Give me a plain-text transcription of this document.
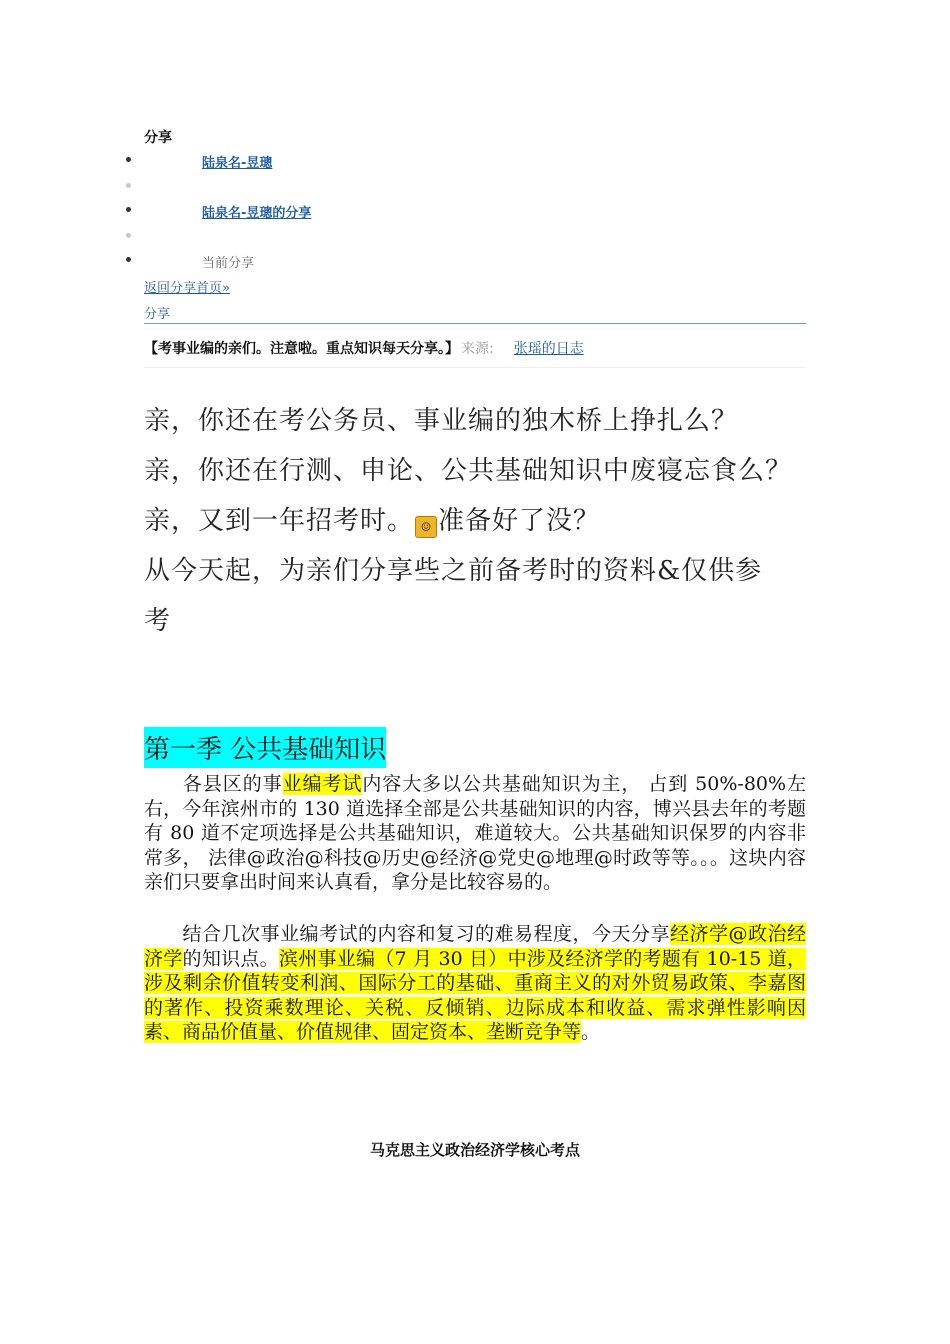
分享
陆泉名-昱璁
陆泉名-昱璁的分享
当前分享
返回分享首页»
分享
【考事业编的亲们。注意啦。重点知识每天分享。】 来源: 张瑶的日志
亲，你还在考公务员、事业编的独木桥上挣扎么？
亲，你还在行测、申论、公共基础知识中废寝忘食么？
亲，又到一年招考时。 ☺ 准备好了没？
从今天起，为亲们分享些之前备考时的资料&仅供参
考
第一季 公共基础知识
各县区的事业编考试内容大多以公共基础知识为主， 占到 50%-80%左右，今年滨州市的 130 道选择全部是公共基础知识的内容，博兴县去年的考题有 80 道不定项选择是公共基础知识，难道较大。公共基础知识保罗的内容非常多， 法律@政治@科技@历史@经济@党史@地理@时政等等。。。这块内容亲们只要拿出时间来认真看，拿分是比较容易的。
结合几次事业编考试的内容和复习的难易程度，今天分享经济学@政治经济学的知识点。滨州事业编（7 月 30 日）中涉及经济学的考题有 10-15 道，涉及剩余价值转变利润、国际分工的基础、重商主义的对外贸易政策、李嘉图的著作、投资乘数理论、关税、反倾销、边际成本和收益、需求弹性影响因素、商品价值量、价值规律、固定资本、垄断竞争等。
马克思主义政治经济学核心考点
